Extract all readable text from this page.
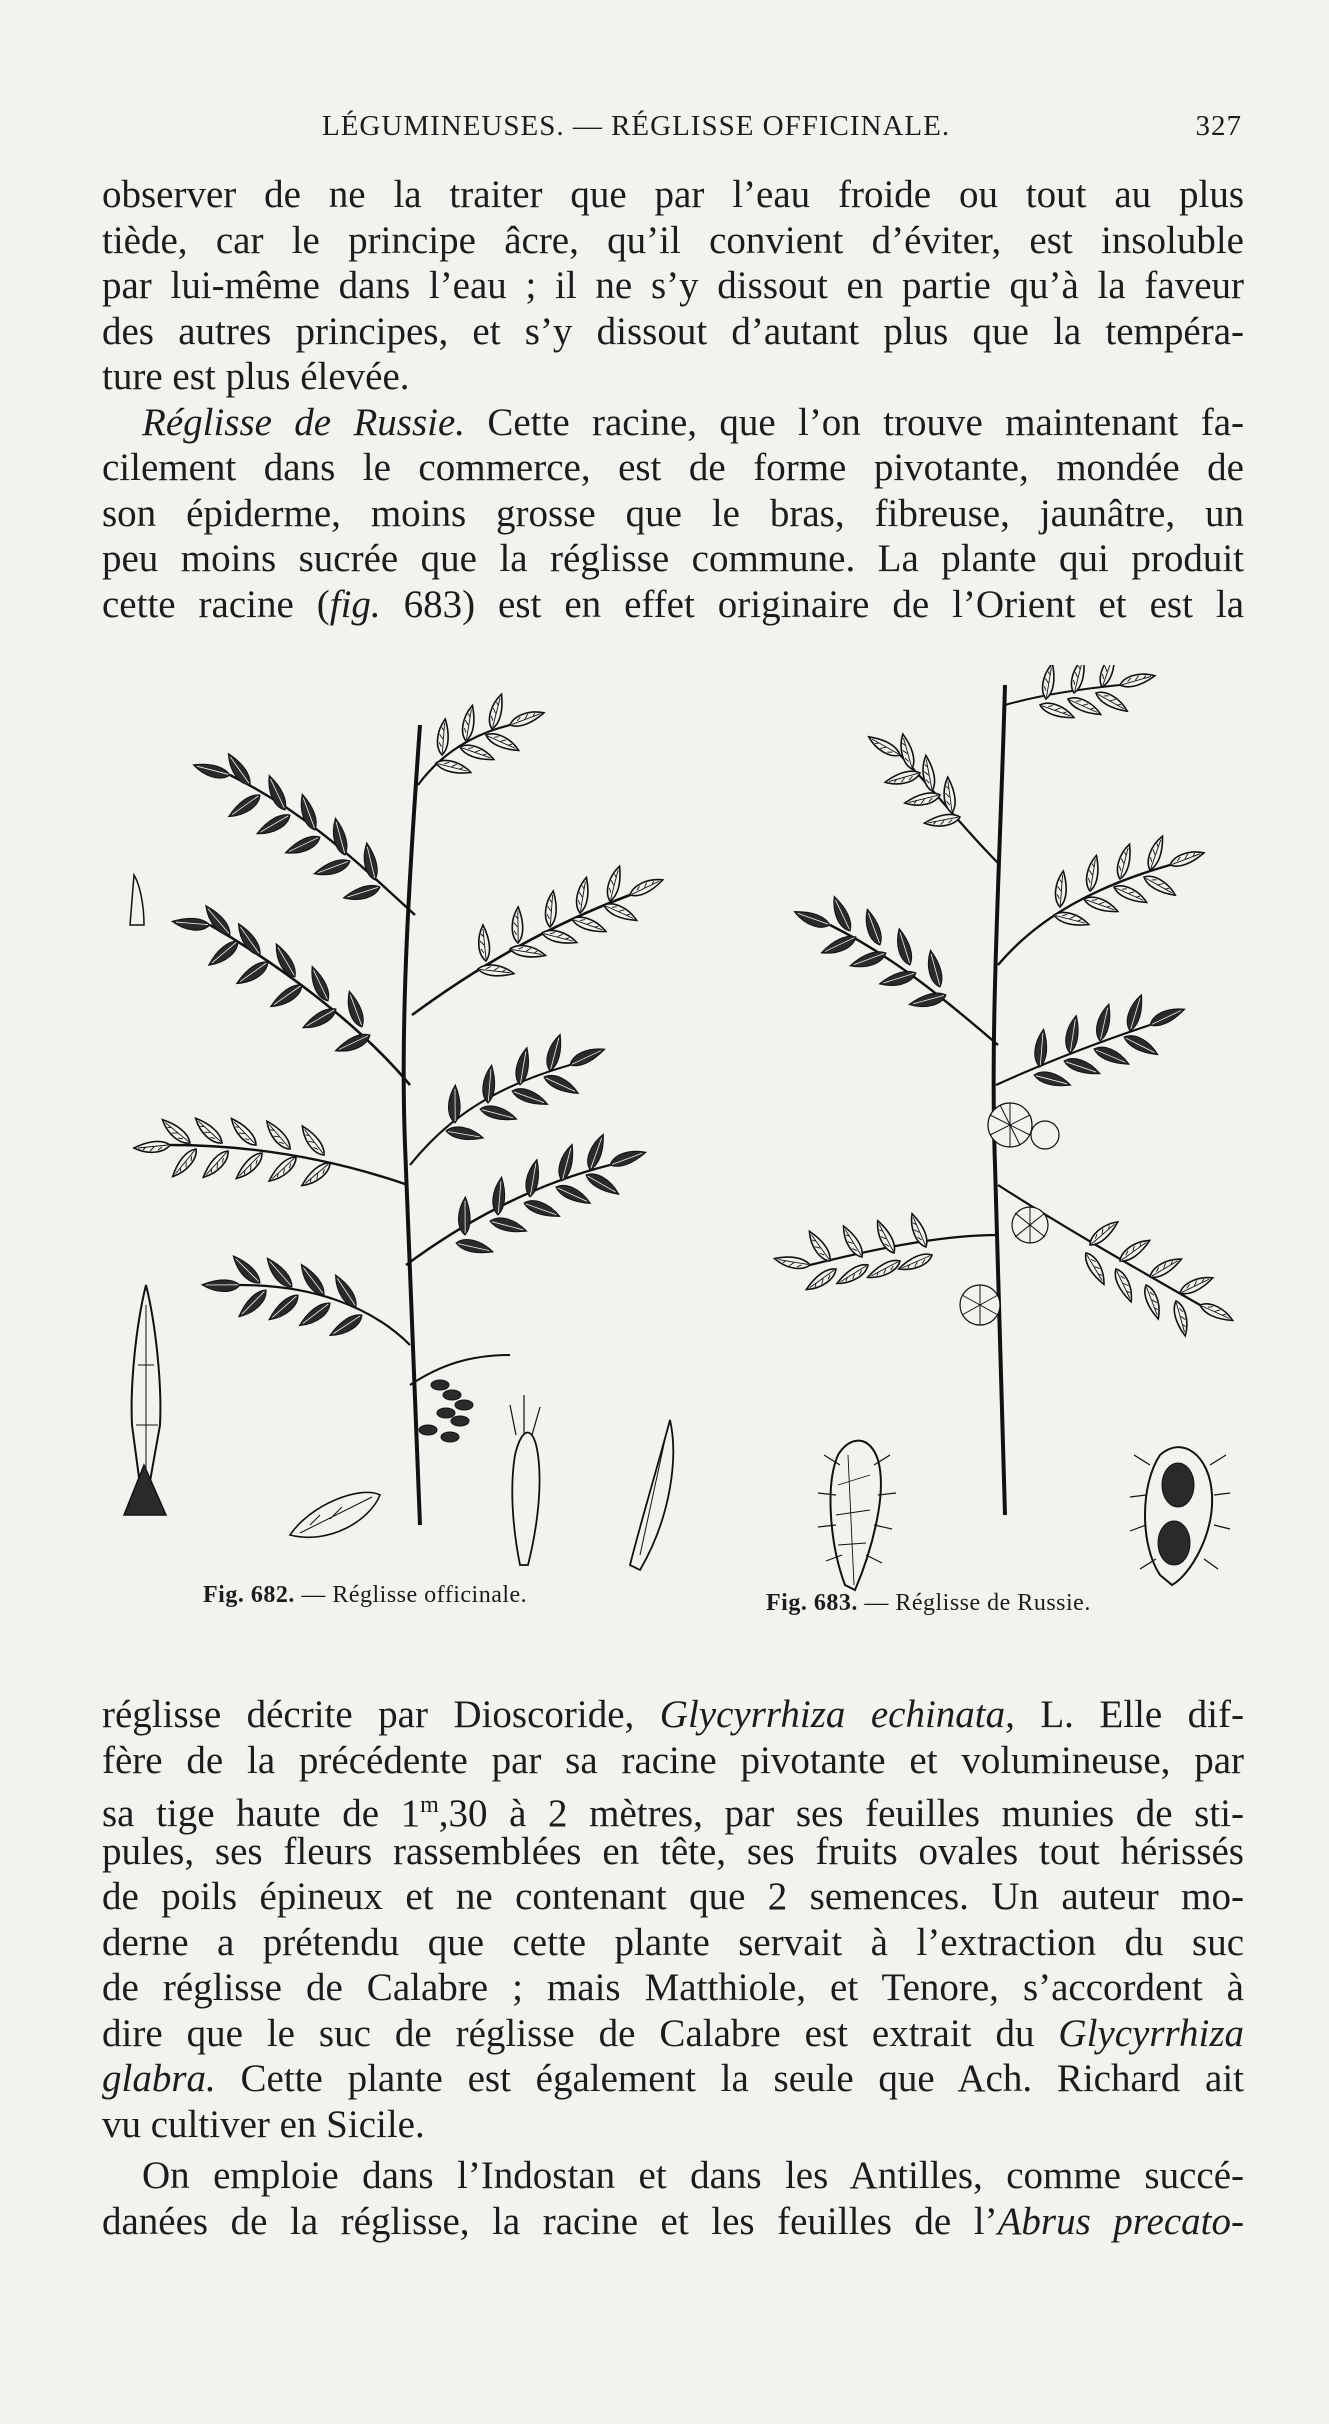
LÉGUMINEUSES. — RÉGLISSE OFFICINALE.	327
observer de ne la traiter que par l’eau froide ou tout au plus
tiède, car le principe âcre, qu’il convient d’éviter, est insoluble
par lui-même dans l’eau ; il ne s’y dissout en partie qu’à la faveur
des autres principes, et s’y dissout d’autant plus que la tempéra-
ture est plus élevée.
Réglisse de Russie. Cette racine, que l’on trouve maintenant fa-
cilement dans le commerce, est de forme pivotante, mondée de
son épiderme, moins grosse que le bras, fibreuse, jaunâtre, un
peu moins sucrée que la réglisse commune. La plante qui produit
cette racine (fig. 683) est en effet originaire de l’Orient et est la
Fig. 682. — Réglisse officinale.	Fig. 683. — Réglisse de Russie.
réglisse décrite par Dioscoride, Glycyrrhiza echinata, L. Elle dif-
fère de la précédente par sa racine pivotante et volumineuse, par
sa tige haute de 1$^m$,30 à 2 mètres, par ses feuilles munies de sti-
pules, ses fleurs rassemblées en tête, ses fruits ovales tout hérissés
de poils épineux et ne contenant que 2 semences. Un auteur mo-
derne a prétendu que cette plante servait à l’extraction du suc
de réglisse de Calabre ; mais Matthiole, et Tenore, s’accordent à
dire que le suc de réglisse de Calabre est extrait du Glycyrrhiza
glabra. Cette plante est également la seule que Ach. Richard ait
vu cultiver en Sicile.
On emploie dans l’Indostan et dans les Antilles, comme succé-
danées de la réglisse, la racine et les feuilles de l’Abrus precato-
